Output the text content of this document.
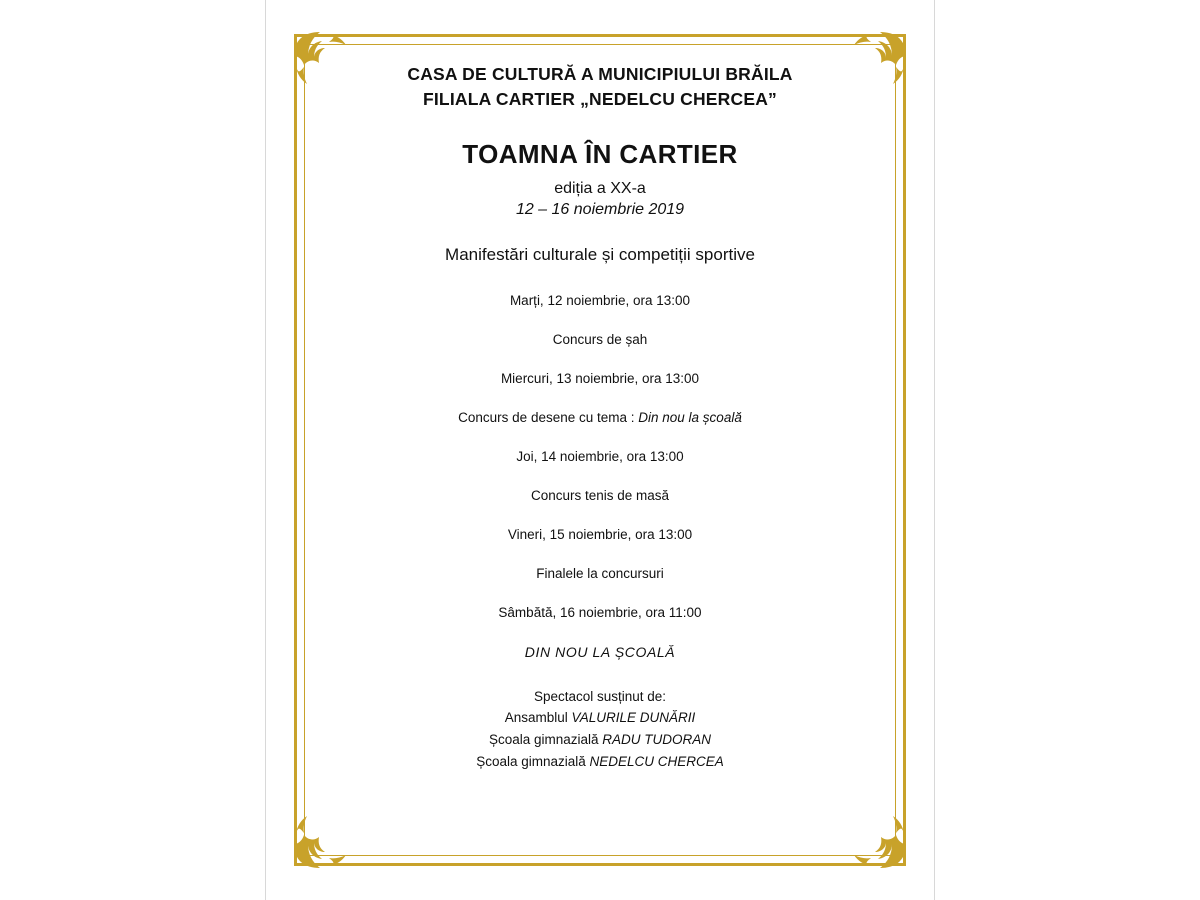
CASA DE CULTURĂ A MUNICIPIULUI BRĂILA
FILIALA CARTIER „NEDELCU CHERCEA”
TOAMNA ÎN CARTIER
ediția a XX-a
12 – 16 noiembrie 2019
Manifestări culturale și competiții sportive
Marți, 12 noiembrie, ora 13:00
Concurs de șah
Miercuri, 13 noiembrie, ora 13:00
Concurs de desene cu tema : Din nou la școală
Joi, 14 noiembrie, ora 13:00
Concurs tenis de masă
Vineri, 15 noiembrie, ora 13:00
Finalele la concursuri
Sâmbătă, 16 noiembrie, ora 11:00
DIN NOU LA ȘCOALĂ
Spectacol susținut de:
Ansamblul VALURILE DUNĂRII
Școala gimnazială RADU TUDORAN
Școala gimnazială NEDELCU CHERCEA
